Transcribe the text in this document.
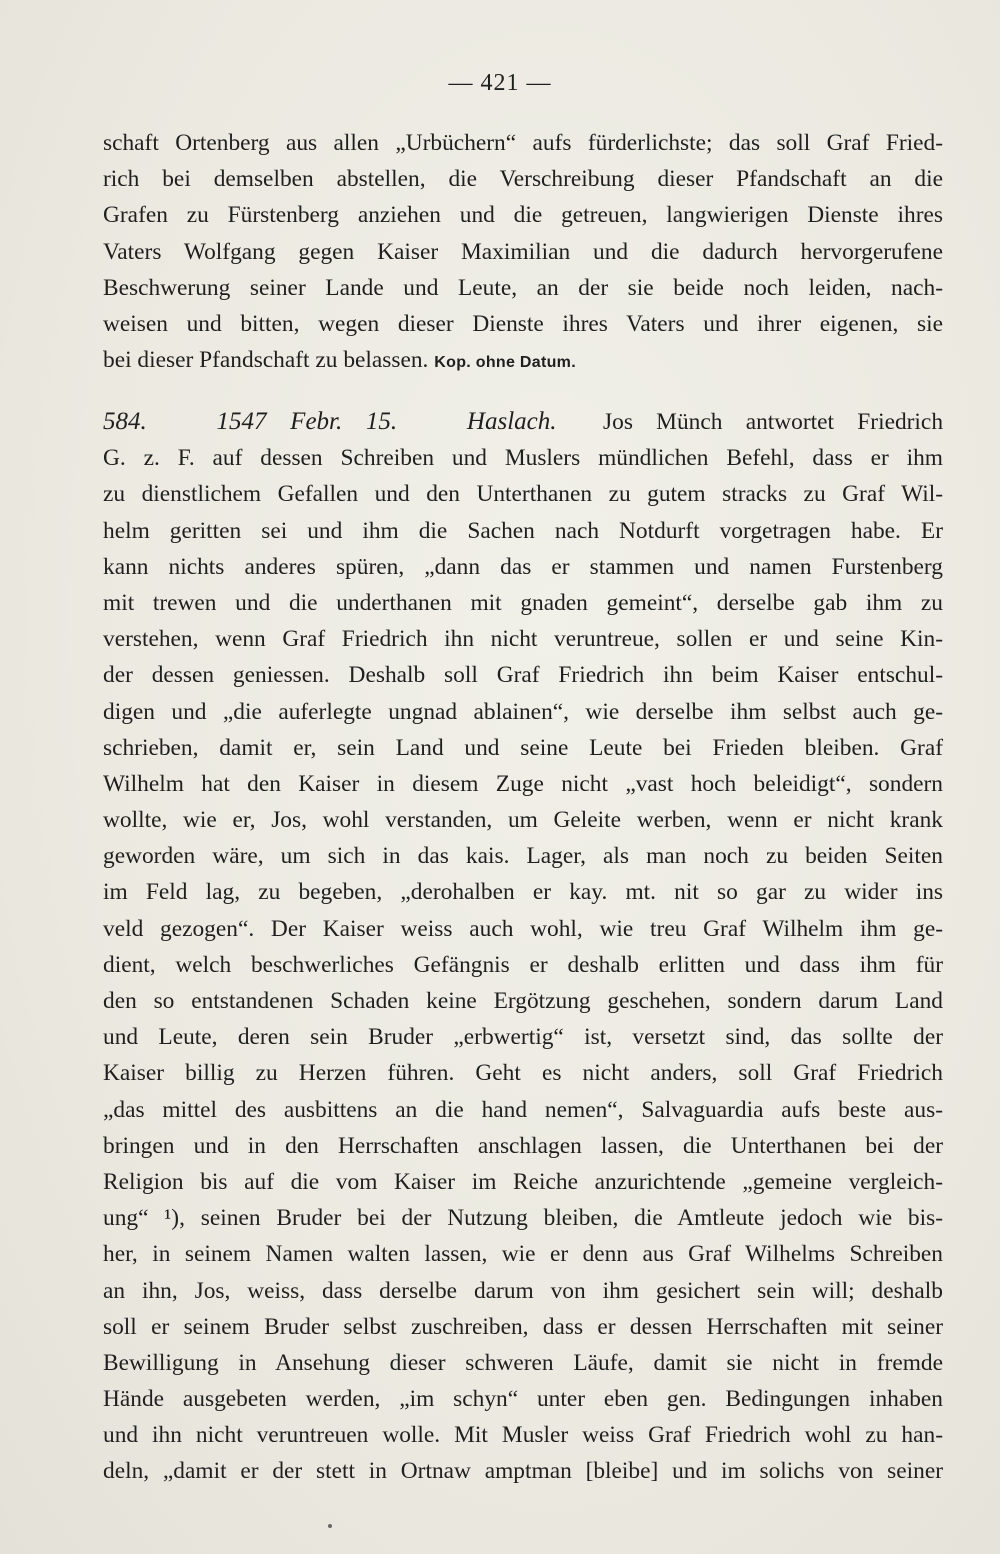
— 421 —
schaft Ortenberg aus allen „Urbüchern“ aufs fürderlichste; das soll Graf Fried-
rich bei demselben abstellen, die Verschreibung dieser Pfandschaft an die
Grafen zu Fürstenberg anziehen und die getreuen, langwierigen Dienste ihres
Vaters Wolfgang gegen Kaiser Maximilian und die dadurch hervorgerufene
Beschwerung seiner Lande und Leute, an der sie beide noch leiden, nach-
weisen und bitten, wegen dieser Dienste ihres Vaters und ihrer eigenen, sie
bei dieser Pfandschaft zu belassen. Kop. ohne Datum.
584.	1547 Febr. 15.	Haslach. Jos Münch antwortet Friedrich
G. z. F. auf dessen Schreiben und Muslers mündlichen Befehl, dass er ihm
zu dienstlichem Gefallen und den Unterthanen zu gutem stracks zu Graf Wil-
helm geritten sei und ihm die Sachen nach Notdurft vorgetragen habe. Er
kann nichts anderes spüren, „dann das er stammen und namen Furstenberg
mit trewen und die underthanen mit gnaden gemeint“, derselbe gab ihm zu
verstehen, wenn Graf Friedrich ihn nicht veruntreue, sollen er und seine Kin-
der dessen geniessen. Deshalb soll Graf Friedrich ihn beim Kaiser entschul-
digen und „die auferlegte ungnad ablainen“, wie derselbe ihm selbst auch ge-
schrieben, damit er, sein Land und seine Leute bei Frieden bleiben. Graf
Wilhelm hat den Kaiser in diesem Zuge nicht „vast hoch beleidigt“, sondern
wollte, wie er, Jos, wohl verstanden, um Geleite werben, wenn er nicht krank
geworden wäre, um sich in das kais. Lager, als man noch zu beiden Seiten
im Feld lag, zu begeben, „derohalben er kay. mt. nit so gar zu wider ins
veld gezogen“. Der Kaiser weiss auch wohl, wie treu Graf Wilhelm ihm ge-
dient, welch beschwerliches Gefängnis er deshalb erlitten und dass ihm für
den so entstandenen Schaden keine Ergötzung geschehen, sondern darum Land
und Leute, deren sein Bruder „erbwertig“ ist, versetzt sind, das sollte der
Kaiser billig zu Herzen führen. Geht es nicht anders, soll Graf Friedrich
„das mittel des ausbittens an die hand nemen“, Salvaguardia aufs beste aus-
bringen und in den Herrschaften anschlagen lassen, die Unterthanen bei der
Religion bis auf die vom Kaiser im Reiche anzurichtende „gemeine vergleich-
ung“ ¹), seinen Bruder bei der Nutzung bleiben, die Amtleute jedoch wie bis-
her, in seinem Namen walten lassen, wie er denn aus Graf Wilhelms Schreiben
an ihn, Jos, weiss, dass derselbe darum von ihm gesichert sein will; deshalb
soll er seinem Bruder selbst zuschreiben, dass er dessen Herrschaften mit seiner
Bewilligung in Ansehung dieser schweren Läufe, damit sie nicht in fremde
Hände ausgebeten werden, „im schyn“ unter eben gen. Bedingungen inhaben
und ihn nicht veruntreuen wolle. Mit Musler weiss Graf Friedrich wohl zu han-
deln, „damit er der stett in Ortnaw amptman [bleibe] und im solichs von seiner
